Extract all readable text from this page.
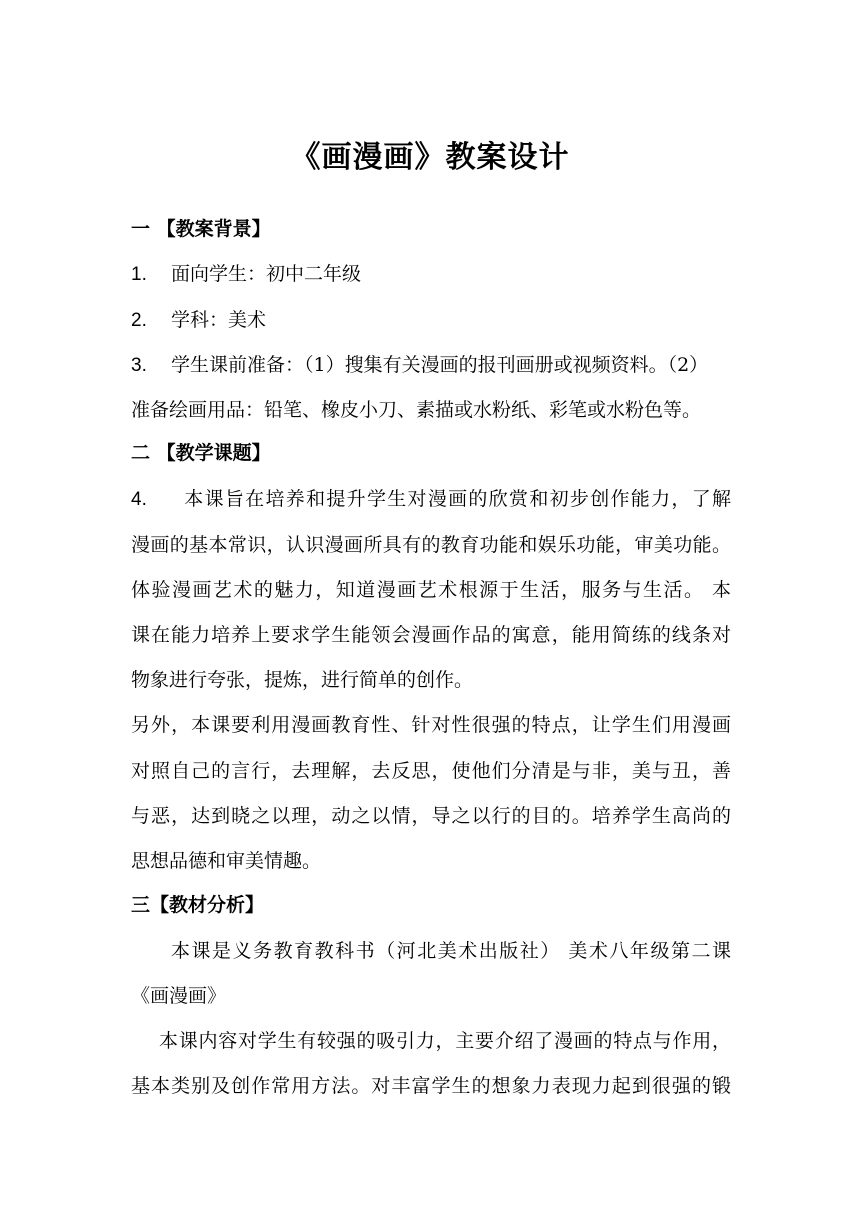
《画漫画》教案设计
一 【教案背景】
1. 面向学生：初中二年级
2. 学科：美术
3. 学生课前准备：（1）搜集有关漫画的报刊画册或视频资料。（2）
准备绘画用品：铅笔、橡皮小刀、素描或水粉纸、彩笔或水粉色等。
二 【教学课题】
4. 本课旨在培养和提升学生对漫画的欣赏和初步创作能力，了解
漫画的基本常识，认识漫画所具有的教育功能和娱乐功能，审美功能。
体验漫画艺术的魅力，知道漫画艺术根源于生活，服务与生活。 本
课在能力培养上要求学生能领会漫画作品的寓意，能用简练的线条对
物象进行夸张，提炼，进行简单的创作。
另外，本课要利用漫画教育性、针对性很强的特点，让学生们用漫画
对照自己的言行，去理解，去反思，使他们分清是与非，美与丑，善
与恶，达到晓之以理，动之以情，导之以行的目的。培养学生高尚的
思想品德和审美情趣。
三【教材分析】
本课是义务教育教科书（河北美术出版社） 美术八年级第二课
《画漫画》
本课内容对学生有较强的吸引力，主要介绍了漫画的特点与作用，
基本类别及创作常用方法。对丰富学生的想象力表现力起到很强的锻
